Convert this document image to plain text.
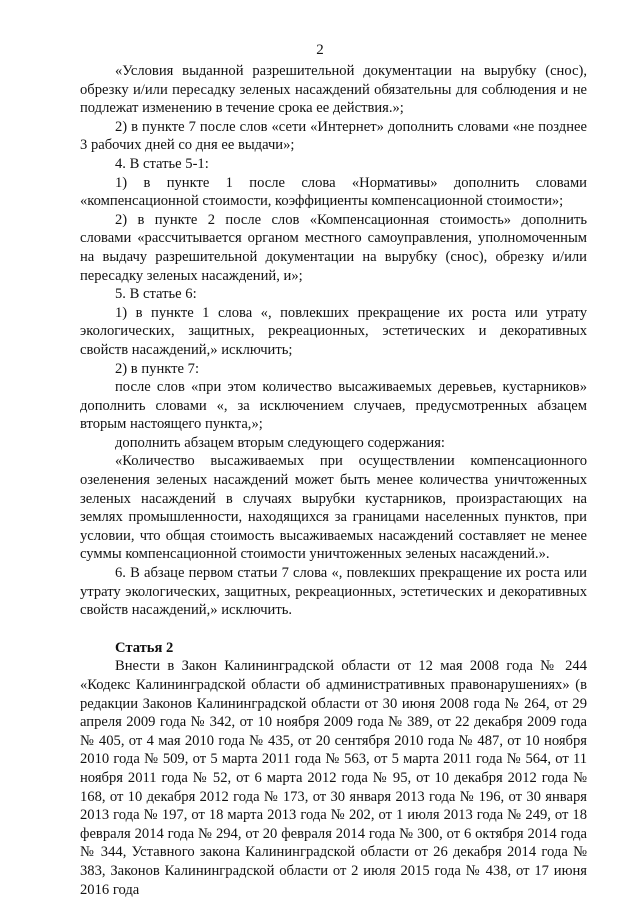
2

«Условия выданной разрешительной документации на вырубку (снос), обрезку и/или пересадку зеленых насаждений обязательны для соблюдения и не подлежат изменению в течение срока ее действия.»;

2) в пункте 7 после слов «сети «Интернет» дополнить словами «не позднее 3 рабочих дней со дня ее выдачи»;

4. В статье 5-1:

1) в пункте 1 после слова «Нормативы» дополнить словами «компенсационной стоимости, коэффициенты компенсационной стоимости»;

2) в пункте 2 после слов «Компенсационная стоимость» дополнить словами «рассчитывается органом местного самоуправления, уполномоченным на выдачу разрешительной документации на вырубку (снос), обрезку и/или пересадку зеленых насаждений, и»;

5. В статье 6:

1) в пункте 1 слова «, повлекших прекращение их роста или утрату экологических, защитных, рекреационных, эстетических и декоративных свойств насаждений,» исключить;

2) в пункте 7:

после слов «при этом количество высаживаемых деревьев, кустарников» дополнить словами «, за исключением случаев, предусмотренных абзацем вторым настоящего пункта,»;

дополнить абзацем вторым следующего содержания:

«Количество высаживаемых при осуществлении компенсационного озеленения зеленых насаждений может быть менее количества уничтоженных зеленых насаждений в случаях вырубки кустарников, произрастающих на землях промышленности, находящихся за границами населенных пунктов, при условии, что общая стоимость высаживаемых насаждений составляет не менее суммы компенсационной стоимости уничтоженных зеленых насаждений.».

6. В абзаце первом статьи 7 слова «, повлекших прекращение их роста или утрату экологических, защитных, рекреационных, эстетических и декоративных свойств насаждений,» исключить.

Статья 2

Внести в Закон Калининградской области от 12 мая 2008 года № 244 «Кодекс Калининградской области об административных правонарушениях» (в редакции Законов Калининградской области от 30 июня 2008 года № 264, от 29 апреля 2009 года № 342, от 10 ноября 2009 года № 389, от 22 декабря 2009 года № 405, от 4 мая 2010 года № 435, от 20 сентября 2010 года № 487, от 10 ноября 2010 года № 509, от 5 марта 2011 года № 563, от 5 марта 2011 года № 564, от 11 ноября 2011 года № 52, от 6 марта 2012 года № 95, от 10 декабря 2012 года № 168, от 10 декабря 2012 года № 173, от 30 января 2013 года № 196, от 30 января 2013 года № 197, от 18 марта 2013 года № 202, от 1 июля 2013 года № 249, от 18 февраля 2014 года № 294, от 20 февраля 2014 года № 300, от 6 октября 2014 года № 344, Уставного закона Калининградской области от 26 декабря 2014 года № 383, Законов Калининградской области от 2 июля 2015 года № 438, от 17 июня 2016 года
